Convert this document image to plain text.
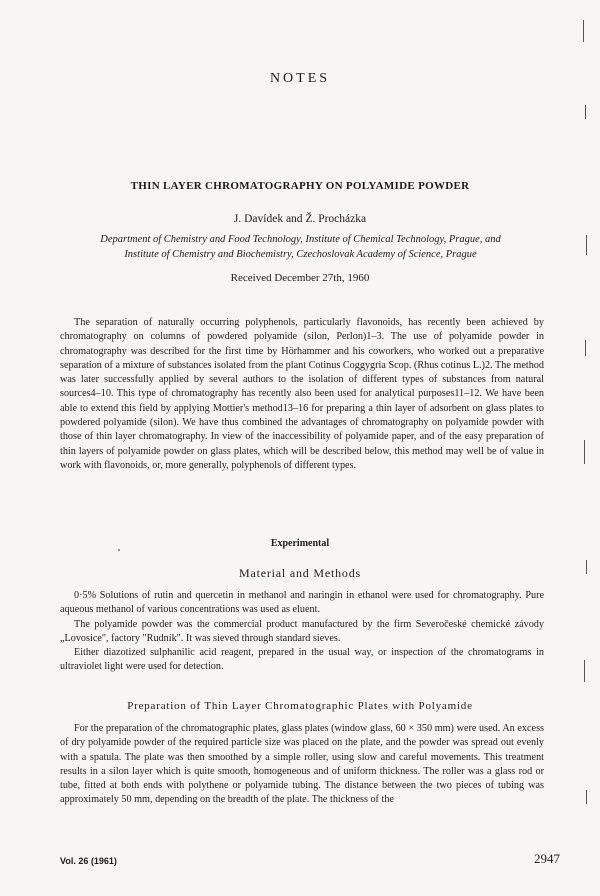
NOTES
THIN LAYER CHROMATOGRAPHY ON POLYAMIDE POWDER
J. Davídek and Ž. Procházka
Department of Chemistry and Food Technology, Institute of Chemical Technology, Prague, and
Institute of Chemistry and Biochemistry, Czechoslovak Academy of Science, Prague
Received December 27th, 1960

The separation of naturally occurring polyphenols, particularly flavonoids, has recently been achieved by chromatography on columns of powdered polyamide (silon, Perlon)1–3. The use of polyamide powder in chromatography was described for the first time by Hörhammer and his coworkers, who worked out a preparative separation of a mixture of substances isolated from the plant Cotinus Coggygria Scop. (Rhus cotinus L.)2. The method was later successfully applied by several authors to the isolation of different types of substances from natural sources4–10. This type of chromatography has recently also been used for analytical purposes11–12. We have been able to extend this field by applying Mottier's method13–16 for preparing a thin layer of adsorbent on glass plates to powdered polyamide (silon). We have thus combined the advantages of chromatography on polyamide powder with those of thin layer chromatography. In view of the inaccessibility of polyamide paper, and of the easy preparation of thin layers of polyamide powder on glass plates, which will be described below, this method may well be of value in work with flavonoids, or, more generally, polyphenols of different types.

Experimental
Material and Methods

0·5% Solutions of rutin and quercetin in methanol and naringin in ethanol were used for chromatography. Pure aqueous methanol of various concentrations was used as eluent.

The polyamide powder was the commercial product manufactured by the firm Severočeské chemické závody „Lovosice", factory "Rudník". It was sieved through standard sieves.

Either diazotized sulphanilic acid reagent, prepared in the usual way, or inspection of the chromatograms in ultraviolet light were used for detection.

Preparation of Thin Layer Chromatographic Plates with Polyamide

For the preparation of the chromatographic plates, glass plates (window glass, 60 × 350 mm) were used. An excess of dry polyamide powder of the required particle size was placed on the plate, and the powder was spread out evenly with a spatula. The plate was then smoothed by a simple roller, using slow and careful movements. This treatment results in a silon layer which is quite smooth, homogeneous and of uniform thickness. The roller was a glass rod or tube, fitted at both ends with polythene or polyamide tubing. The distance between the two pieces of tubing was approximately 50 mm, depending on the breadth of the plate. The thickness of the

Vol. 26 (1961)	2947
